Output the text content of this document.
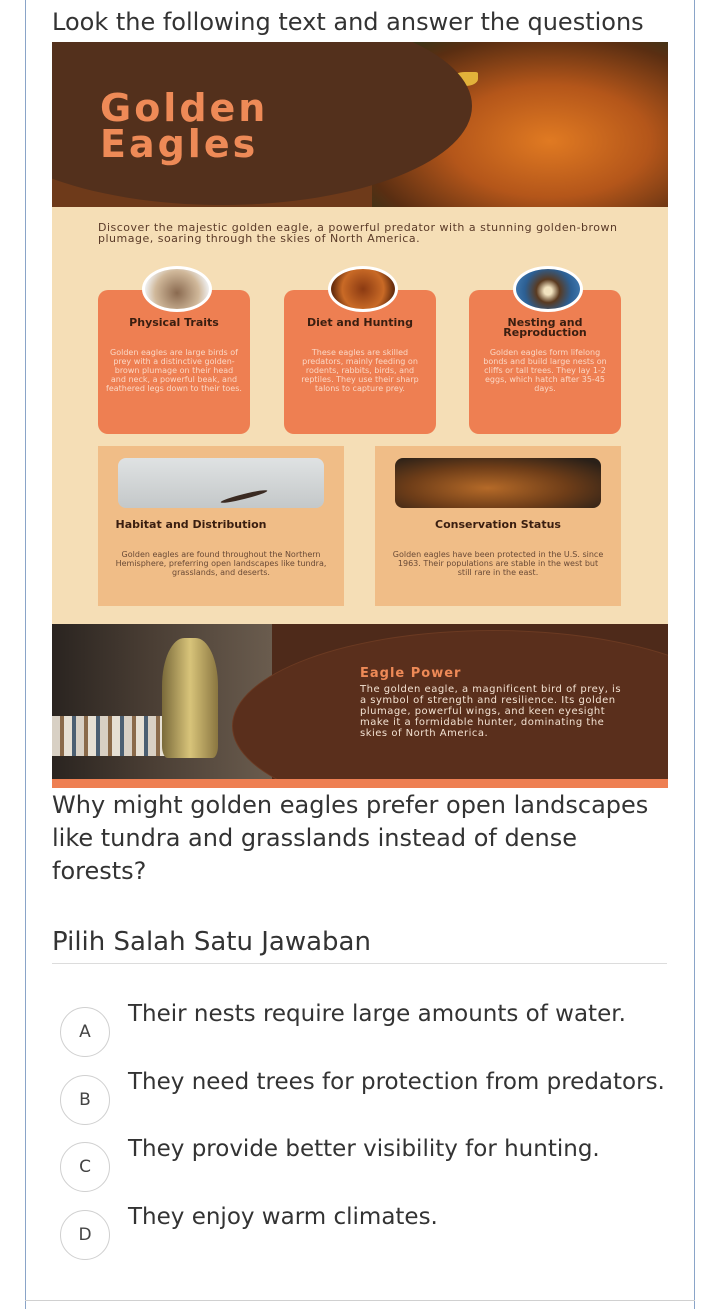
Look the following text and answer the questions
Golden
Eagles
Discover the majestic golden eagle, a powerful predator with a stunning golden-brown plumage, soaring through the skies of North America.
Physical Traits
Golden eagles are large birds of prey with a distinctive golden-brown plumage on their head and neck, a powerful beak, and feathered legs down to their toes.
Diet and Hunting
These eagles are skilled predators, mainly feeding on rodents, rabbits, birds, and reptiles. They use their sharp talons to capture prey.
Nesting and Reproduction
Golden eagles form lifelong bonds and build large nests on cliffs or tall trees. They lay 1-2 eggs, which hatch after 35-45 days.
Habitat and Distribution
Golden eagles are found throughout the Northern Hemisphere, preferring open landscapes like tundra, grasslands, and deserts.
Conservation Status
Golden eagles have been protected in the U.S. since 1963. Their populations are stable in the west but still rare in the east.
Eagle Power
The golden eagle, a magnificent bird of prey, is a symbol of strength and resilience. Its golden plumage, powerful wings, and keen eyesight make it a formidable hunter, dominating the skies of North America.
Why might golden eagles prefer open landscapes like tundra and grasslands instead of dense forests?
Pilih Salah Satu Jawaban
A
Their nests require large amounts of water.
B
They need trees for protection from predators.
C
They provide better visibility for hunting.
D
They enjoy warm climates.
